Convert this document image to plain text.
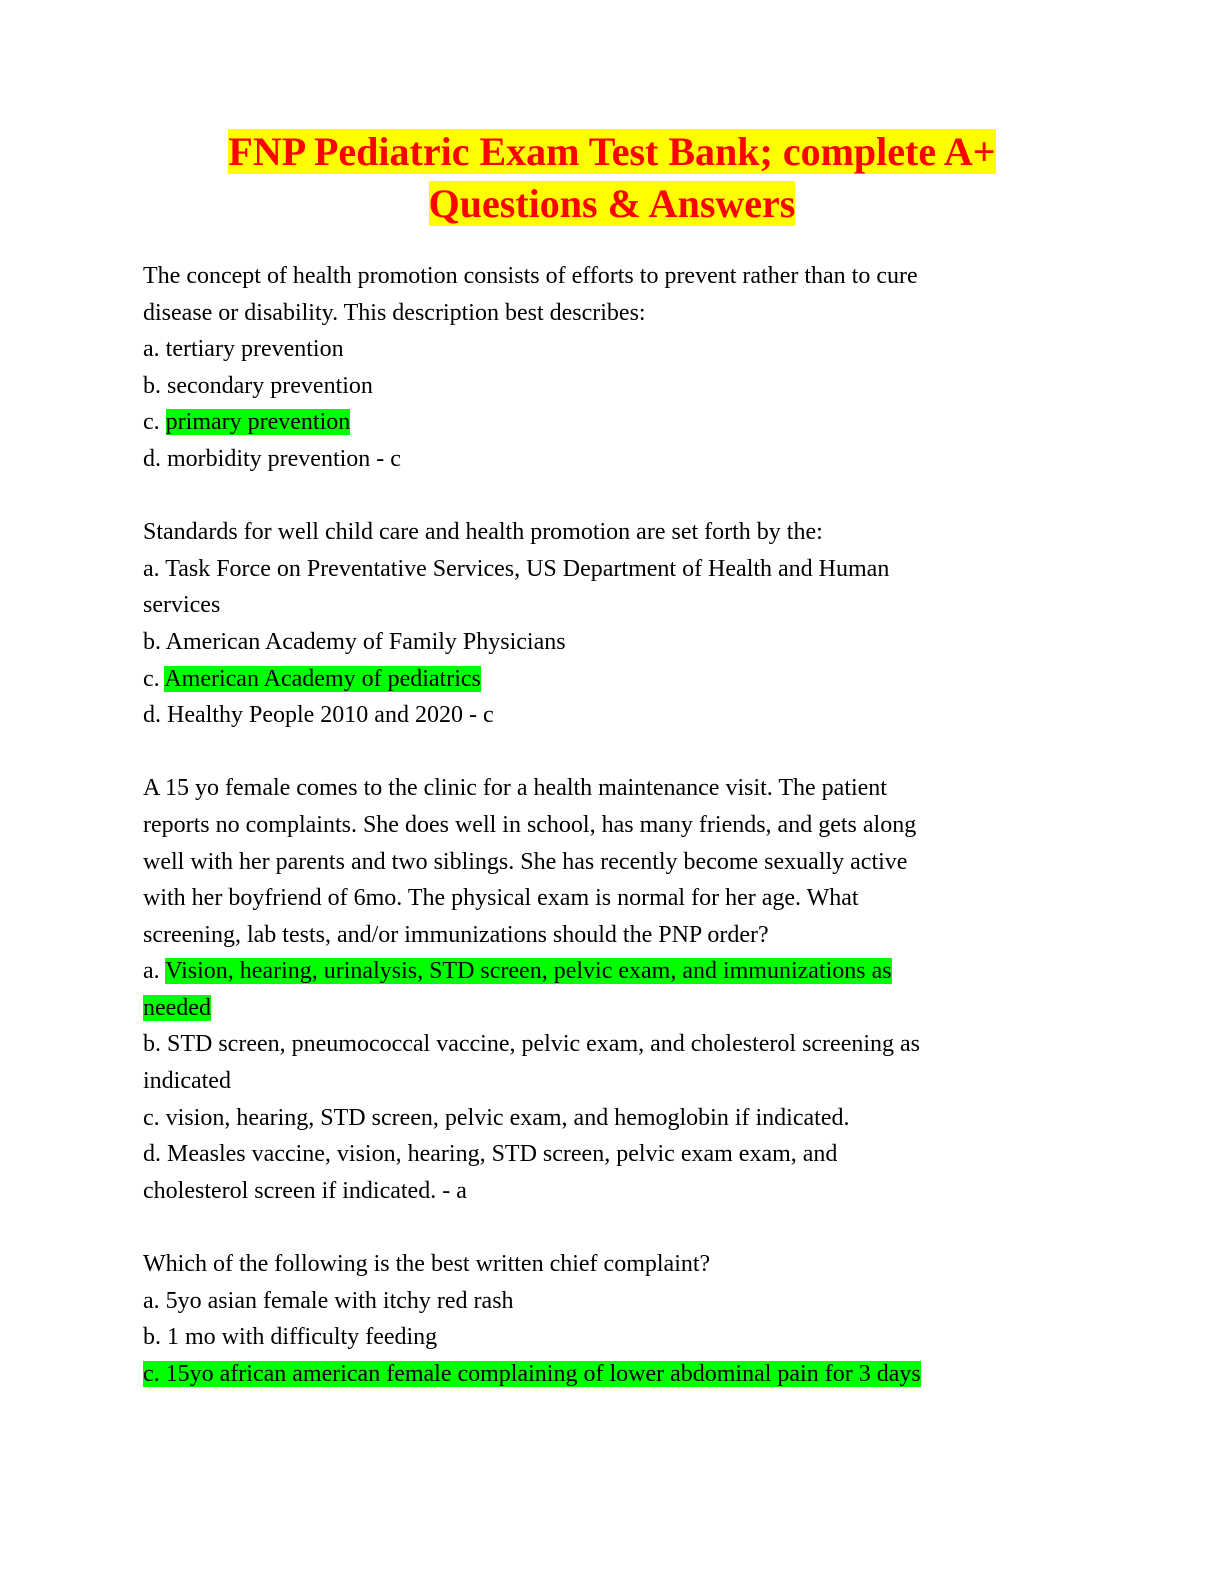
FNP Pediatric Exam Test Bank; complete A+
Questions & Answers
The concept of health promotion consists of efforts to prevent rather than to cure
disease or disability. This description best describes:
a. tertiary prevention
b. secondary prevention
c. primary prevention
d. morbidity prevention - c
Standards for well child care and health promotion are set forth by the:
a. Task Force on Preventative Services, US Department of Health and Human
services
b. American Academy of Family Physicians
c. American Academy of pediatrics
d. Healthy People 2010 and 2020 - c
A 15 yo female comes to the clinic for a health maintenance visit. The patient
reports no complaints. She does well in school, has many friends, and gets along
well with her parents and two siblings. She has recently become sexually active
with her boyfriend of 6mo. The physical exam is normal for her age. What
screening, lab tests, and/or immunizations should the PNP order?
a. Vision, hearing, urinalysis, STD screen, pelvic exam, and immunizations as
needed
b. STD screen, pneumococcal vaccine, pelvic exam, and cholesterol screening as
indicated
c. vision, hearing, STD screen, pelvic exam, and hemoglobin if indicated.
d. Measles vaccine, vision, hearing, STD screen, pelvic exam exam, and
cholesterol screen if indicated. - a
Which of the following is the best written chief complaint?
a. 5yo asian female with itchy red rash
b. 1 mo with difficulty feeding
c. 15yo african american female complaining of lower abdominal pain for 3 days
